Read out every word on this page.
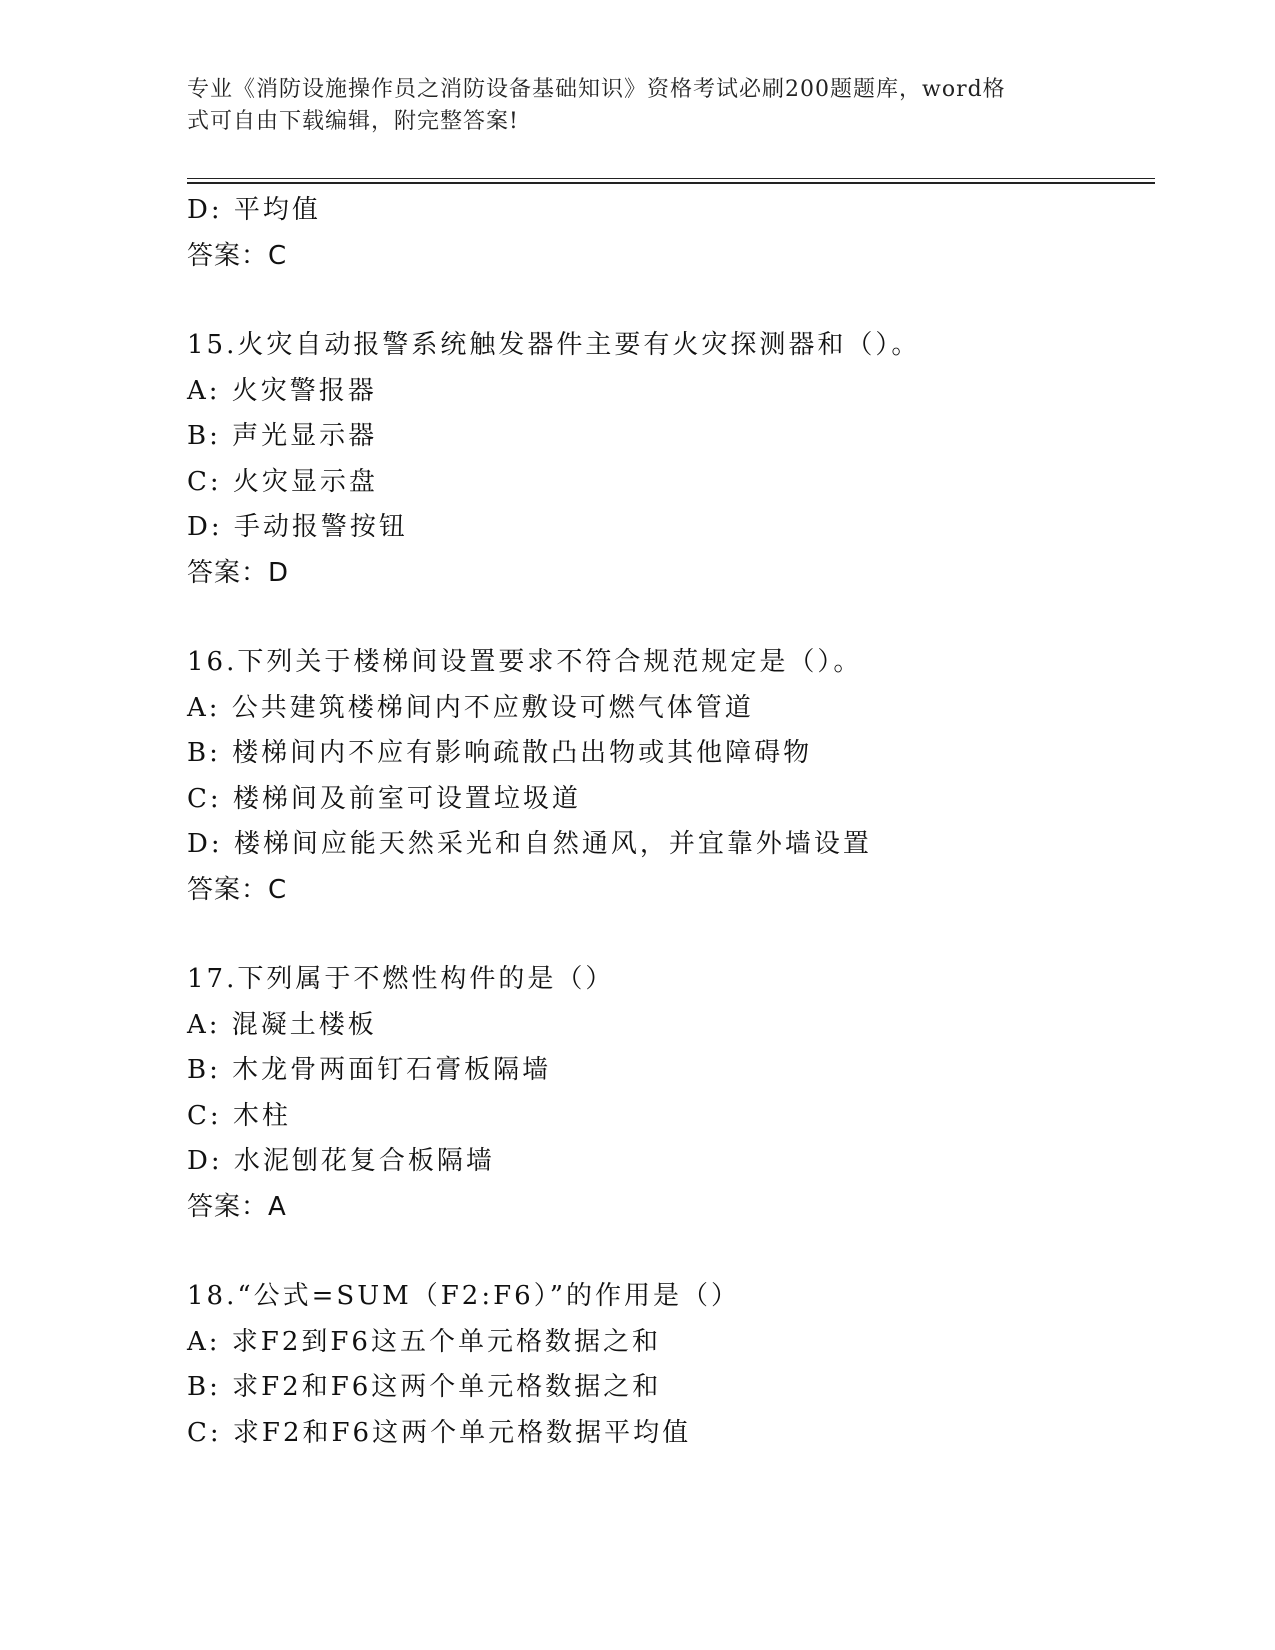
专业《消防设施操作员之消防设备基础知识》资格考试必刷200题题库，word格
式可自由下载编辑，附完整答案!
D: 平均值
答案：C
15.火灾自动报警系统触发器件主要有火灾探测器和（）。
A: 火灾警报器
B: 声光显示器
C: 火灾显示盘
D: 手动报警按钮
答案：D
16.下列关于楼梯间设置要求不符合规范规定是（）。
A: 公共建筑楼梯间内不应敷设可燃气体管道
B: 楼梯间内不应有影响疏散凸出物或其他障碍物
C: 楼梯间及前室可设置垃圾道
D: 楼梯间应能天然采光和自然通风，并宜靠外墙设置
答案：C
17.下列属于不燃性构件的是（）
A: 混凝土楼板
B: 木龙骨两面钉石膏板隔墙
C: 木柱
D: 水泥刨花复合板隔墙
答案：A
18.“公式=SUM（F2:F6）”的作用是（）
A: 求F2到F6这五个单元格数据之和
B: 求F2和F6这两个单元格数据之和
C: 求F2和F6这两个单元格数据平均值
